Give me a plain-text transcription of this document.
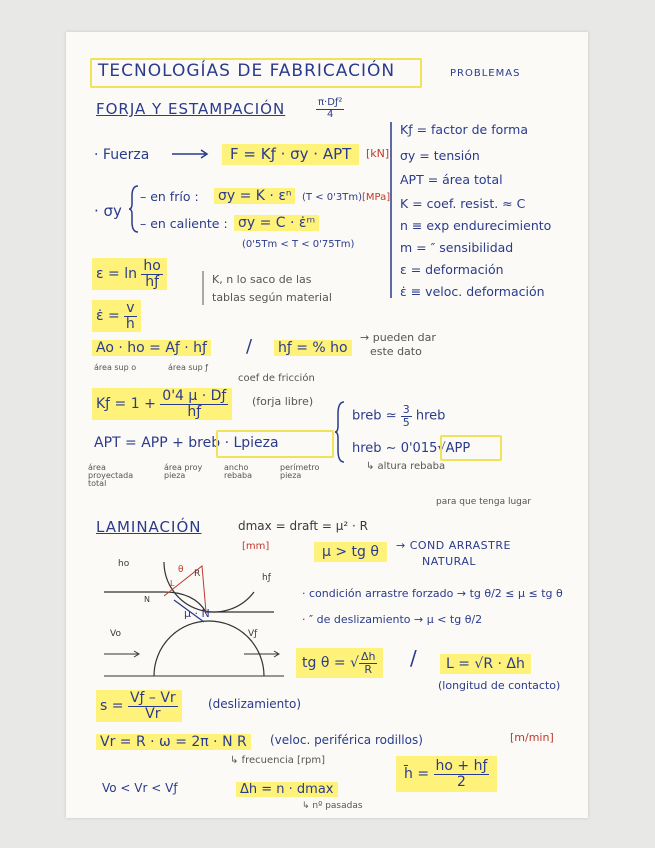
TECNOLOGÍAS DE FABRICACIÓN	PROBLEMAS
FORJA Y ESTAMPACIÓN	$\frac{\text{π·Dƒ²}}{4}$
· Fuerza	F = Kƒ · σy · APT	[kN]
Kƒ = factor de forma
σy = tensión
APT = área total
K = coef. resist. ≈ C
n ≡ exp endurecimiento
m = ″ sensibilidad
ε = deformación
ε̇ ≡ veloc. deformación
· σy
– en frío : σy = K · εⁿ	(T < 0'3Tm) [MPa]
– en caliente : σy = C · ε̇ᵐ
(0'5Tm < T < 0'75Tm)
$\varepsilon = \ln \frac{ho}{hƒ}$
ε̇ = $\frac{v}{h}$
K, n lo saco de las
tablas según material
Ao · ho = Aƒ · hƒ
área sup o	área sup ƒ
/ hƒ = % ho
→ pueden dar
este dato
coef de fricción
Kƒ = $1 + \frac{0'4 \mu \cdot Dƒ}{hƒ}$ (forja libre)
APT = APP + breb · Lpieza
área proyectada total
área proy pieza
ancho rebaba
perímetro pieza
breb ≃ $\frac{3}{5}$ hreb
hreb ∼ 0'015√APP
↳ altura rebaba
LAMINACIÓN	dmax = draft = μ² · R
[mm]
para que tenga lugar
μ > tg θ	→ COND ARRASTRE
NATURAL
ho
hƒ
θ R
L
N
μ · N
Vo	Vƒ
· condición arrastre forzado → tg θ/2 ≤ μ ≤ tg θ
· ″ de deslizamiento → μ < tg θ/2
tg θ = √ $\frac{\Delta h}{R}$ /	L = √R · Δh
(longitud de contacto)
$s = \frac{Vƒ - Vr}{Vr}$	(deslizamiento)
Vr = R · ω = 2π · N R	(veloc. periférica rodillos)	[m/min]
↳ frecuencia [rpm]
h̄ = $\frac{ho + hƒ}{2}$
Vo < Vr < Vƒ	Δh = n · dmax
↳ nº pasadas
